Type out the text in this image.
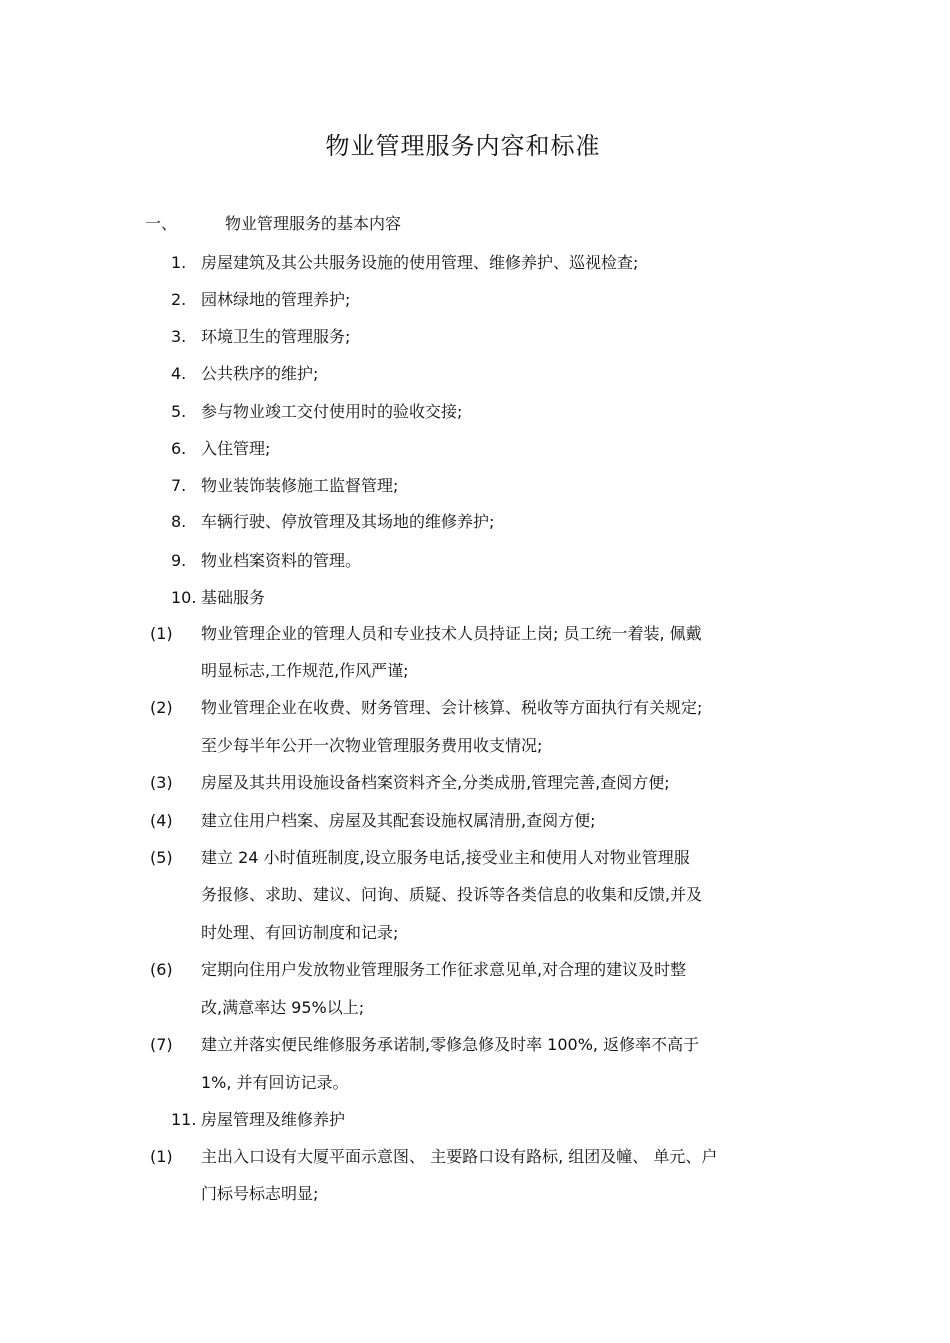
物业管理服务内容和标准
一、	物业管理服务的基本内容
1. 房屋建筑及其公共服务设施的使用管理、维修养护、巡视检查;
2. 园林绿地的管理养护;
3. 环境卫生的管理服务;
4. 公共秩序的维护;
5. 参与物业竣工交付使用时的验收交接;
6. 入住管理;
7. 物业装饰装修施工监督管理;
8. 车辆行驶、停放管理及其场地的维修养护;
9. 物业档案资料的管理。
10. 基础服务
(1) 物业管理企业的管理人员和专业技术人员持证上岗; 员工统一着装, 佩戴
明显标志,工作规范,作风严谨;
(2) 物业管理企业在收费、财务管理、会计核算、税收等方面执行有关规定;
至少每半年公开一次物业管理服务费用收支情况;
(3) 房屋及其共用设施设备档案资料齐全,分类成册,管理完善,查阅方便;
(4) 建立住用户档案、房屋及其配套设施权属清册,查阅方便;
(5) 建立 24 小时值班制度,设立服务电话,接受业主和使用人对物业管理服
务报修、求助、建议、问询、质疑、投诉等各类信息的收集和反馈,并及
时处理、有回访制度和记录;
(6) 定期向住用户发放物业管理服务工作征求意见单,对合理的建议及时整
改,满意率达 95%以上;
(7) 建立并落实便民维修服务承诺制,零修急修及时率 100%, 返修率不高于
1%, 并有回访记录。
11. 房屋管理及维修养护
(1) 主出入口设有大厦平面示意图、 主要路口设有路标, 组团及幢、 单元、户
门标号标志明显;
